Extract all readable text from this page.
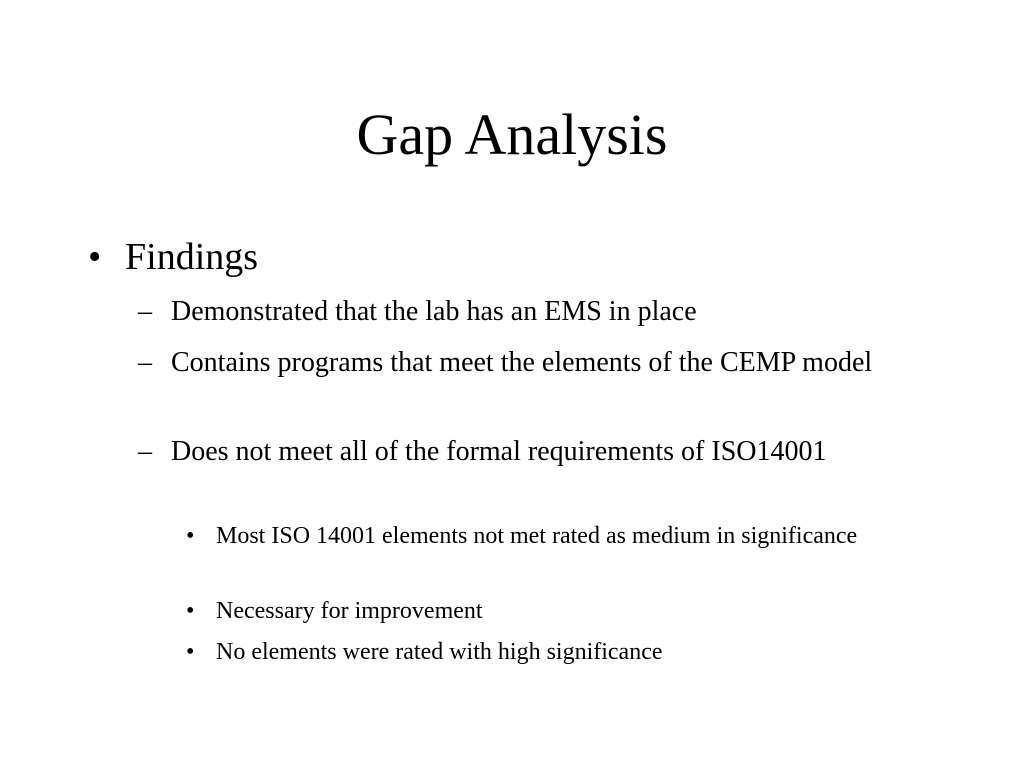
Gap Analysis
• Findings
– Demonstrated that the lab has an EMS in place
– Contains programs that meet the elements of the CEMP model
– Does not meet all of the formal requirements of ISO14001
• Most ISO 14001 elements not met rated as medium in significance
• Necessary for improvement
• No elements were rated with high significance
